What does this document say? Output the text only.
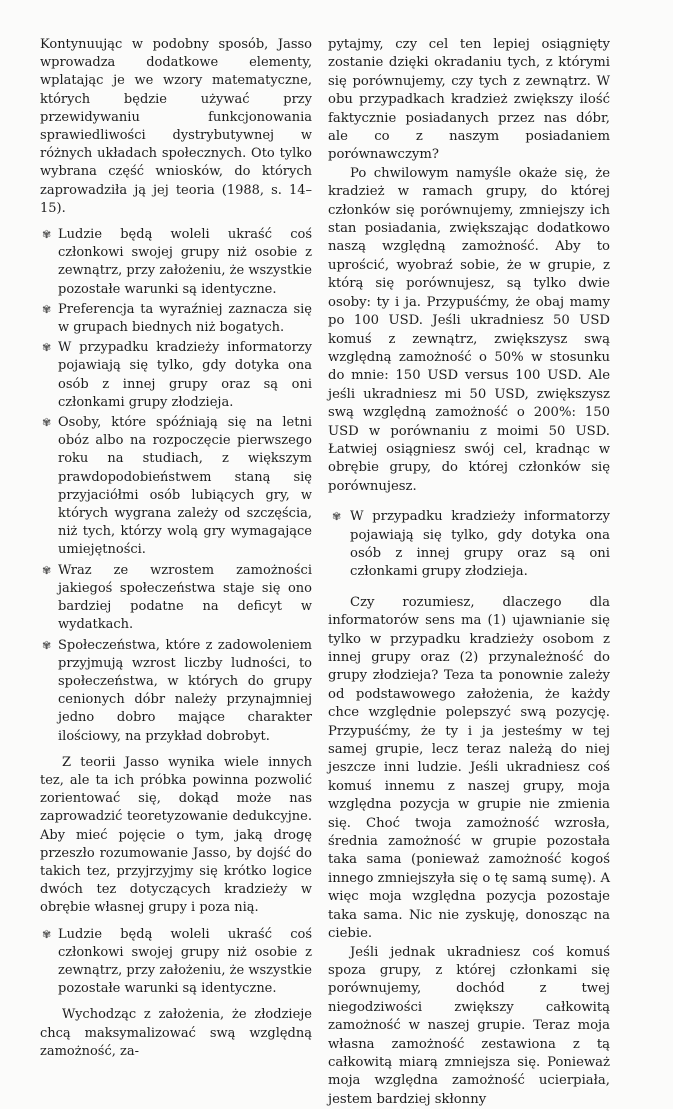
Kontynuując w podobny sposób, Jasso wprowadza dodatkowe elementy, wplatając je we wzory matematyczne, których będzie używać przy przewidywaniu funkcjonowania sprawiedliwości dystrybutywnej w różnych układach społecznych. Oto tylko wybrana część wniosków, do których zaprowadziła ją jej teoria (1988, s. 14–15).

✾ Ludzie będą woleli ukraść coś członkowi swojej grupy niż osobie z zewnątrz, przy założeniu, że wszystkie pozostałe warunki są identyczne.
✾ Preferencja ta wyraźniej zaznacza się w grupach biednych niż bogatych.
✾ W przypadku kradzieży informatorzy pojawiają się tylko, gdy dotyka ona osób z innej grupy oraz są oni członkami grupy złodzieja.
✾ Osoby, które spóźniają się na letni obóz albo na rozpoczęcie pierwszego roku na studiach, z większym prawdopodobieństwem staną się przyjaciółmi osób lubiących gry, w których wygrana zależy od szczęścia, niż tych, którzy wolą gry wymagające umiejętności.
✾ Wraz ze wzrostem zamożności jakiegoś społeczeństwa staje się ono bardziej podatne na deficyt w wydatkach.
✾ Społeczeństwa, które z zadowoleniem przyjmują wzrost liczby ludności, to społeczeństwa, w których do grupy cenionych dóbr należy przynajmniej jedno dobro mające charakter ilościowy, na przykład dobrobyt.

Z teorii Jasso wynika wiele innych tez, ale ta ich próbka powinna pozwolić zorientować się, dokąd może nas zaprowadzić teoretyzowanie dedukcyjne. Aby mieć pojęcie o tym, jaką drogę przeszło rozumowanie Jasso, by dojść do takich tez, przyjrzyjmy się krótko logice dwóch tez dotyczących kradzieży w obrębie własnej grupy i poza nią.

✾ Ludzie będą woleli ukraść coś członkowi swojej grupy niż osobie z zewnątrz, przy założeniu, że wszystkie pozostałe warunki są identyczne.

Wychodząc z założenia, że złodzieje chcą maksymalizować swą względną zamożność, za-

pytajmy, czy cel ten lepiej osiągnięty zostanie dzięki okradaniu tych, z którymi się porównujemy, czy tych z zewnątrz. W obu przypadkach kradzież zwiększy ilość faktycznie posiadanych przez nas dóbr, ale co z naszym posiadaniem porównawczym?

Po chwilowym namyśle okaże się, że kradzież w ramach grupy, do której członków się porównujemy, zmniejszy ich stan posiadania, zwiększając dodatkowo naszą względną zamożność. Aby to uprościć, wyobraź sobie, że w grupie, z którą się porównujesz, są tylko dwie osoby: ty i ja. Przypuśćmy, że obaj mamy po 100 USD. Jeśli ukradniesz 50 USD komuś z zewnątrz, zwiększysz swą względną zamożność o 50% w stosunku do mnie: 150 USD versus 100 USD. Ale jeśli ukradniesz mi 50 USD, zwiększysz swą względną zamożność o 200%: 150 USD w porównaniu z moimi 50 USD. Łatwiej osiągniesz swój cel, kradnąc w obrębie grupy, do której członków się porównujesz.

✾ W przypadku kradzieży informatorzy pojawiają się tylko, gdy dotyka ona osób z innej grupy oraz są oni członkami grupy złodzieja.

Czy rozumiesz, dlaczego dla informatorów sens ma (1) ujawnianie się tylko w przypadku kradzieży osobom z innej grupy oraz (2) przynależność do grupy złodzieja? Teza ta ponownie zależy od podstawowego założenia, że każdy chce względnie polepszyć swą pozycję. Przypuśćmy, że ty i ja jesteśmy w tej samej grupie, lecz teraz należą do niej jeszcze inni ludzie. Jeśli ukradniesz coś komuś innemu z naszej grupy, moja względna pozycja w grupie nie zmienia się. Choć twoja zamożność wzrosła, średnia zamożność w grupie pozostała taka sama (ponieważ zamożność kogoś innego zmniejszyła się o tę samą sumę). A więc moja względna pozycja pozostaje taka sama. Nic nie zyskuję, donosząc na ciebie.

Jeśli jednak ukradniesz coś komuś spoza grupy, z której członkami się porównujemy, dochód z twej niegodziwości zwiększy całkowitą zamożność w naszej grupie. Teraz moja własna zamożność zestawiona z tą całkowitą miarą zmniejsza się. Ponieważ moja względna zamożność ucierpiała, jestem bardziej skłonny
